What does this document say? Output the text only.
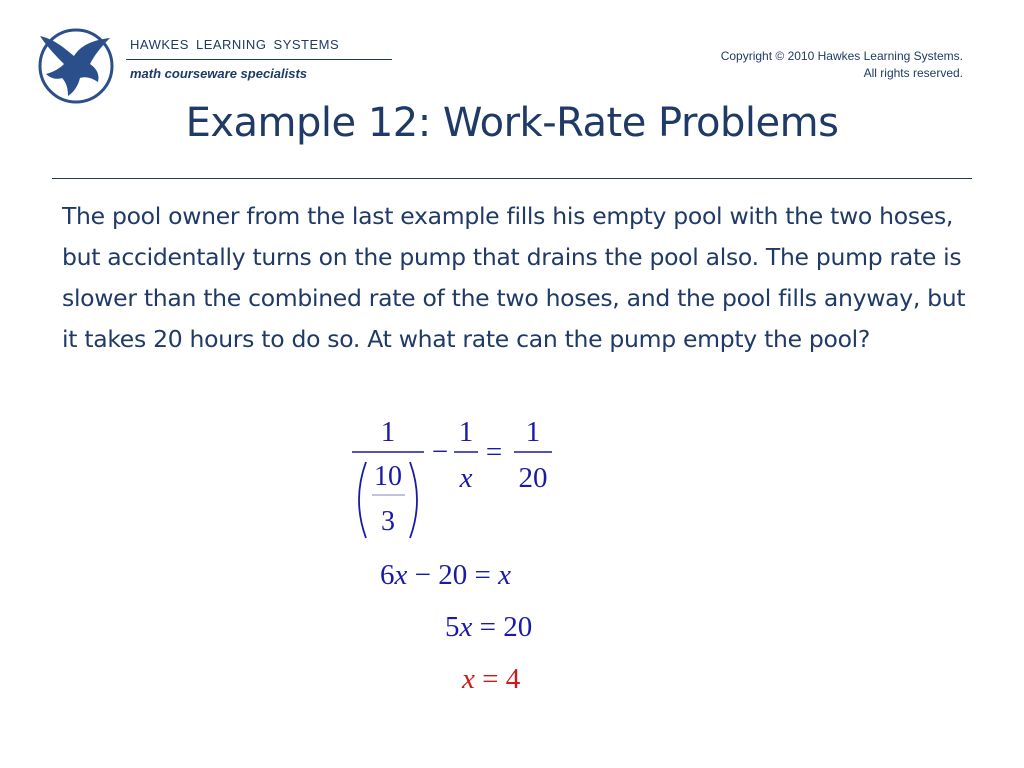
HAWKES LEARNING SYSTEMS
math courseware specialists
Copyright © 2010 Hawkes Learning Systems.
All rights reserved.
Example 12: Work-Rate Problems

The pool owner from the last example fills his empty pool with the two hoses, but accidentally turns on the pump that drains the pool also. The pump rate is slower than the combined rate of the two hoses, and the pool fills anyway, but it takes 20 hours to do so. At what rate can the pump empty the pool?

1
10
3
−
1
x
=
1
20
6x − 20 = x
5x = 20
x = 4
